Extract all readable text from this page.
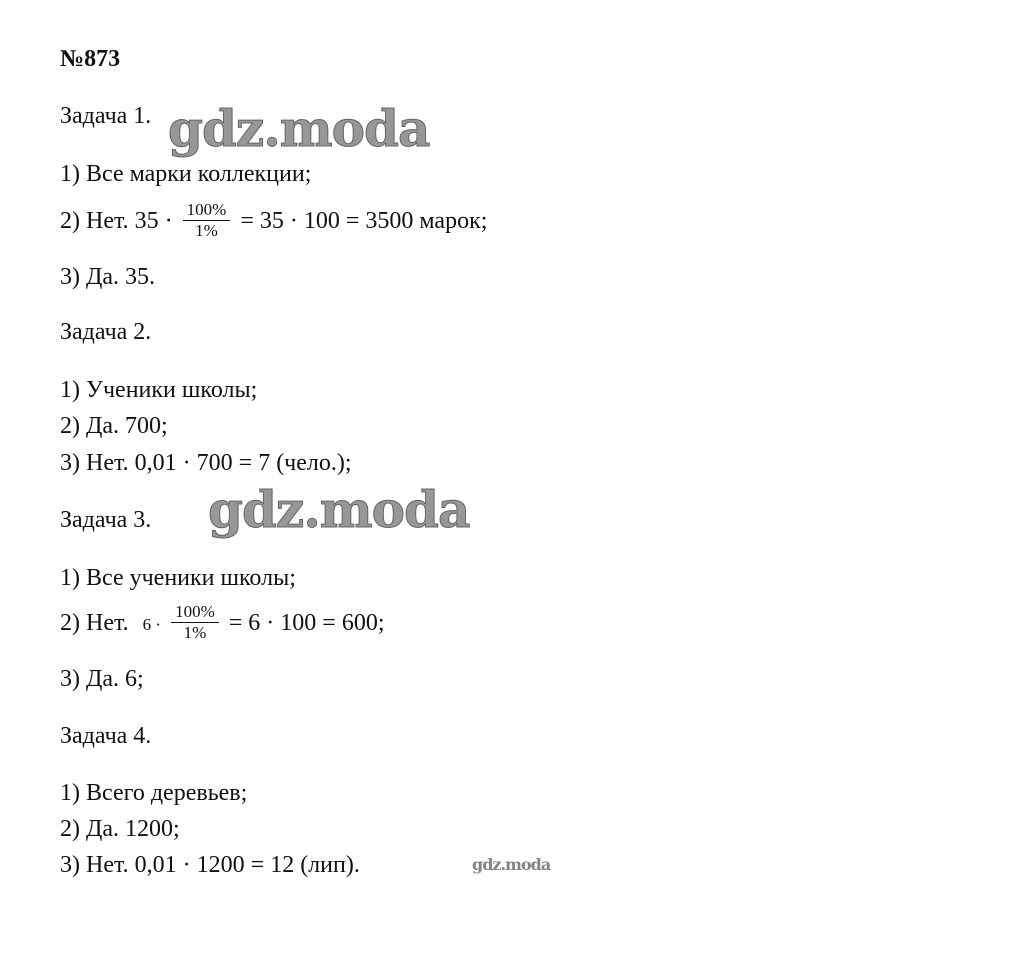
№873
Задача 1.
1) Все марки коллекции;
2) Нет. $35 \cdot \frac{100\%}{1\%} = 35 \cdot 100 = 3500$ марок;
3) Да. 35.
Задача 2.
1) Ученики школы;
2) Да. 700;
3) Нет. 0,01 · 700 = 7 (чело.);
Задача 3.
1) Все ученики школы;
2) Нет. $6 \cdot \frac{100\%}{1\%} = 6 \cdot 100 = 600$;
3) Да. 6;
Задача 4.
1) Всего деревьев;
2) Да. 1200;
3) Нет. 0,01 · 1200 = 12 (лип).
gdz.moda
gdz.moda
gdz.moda
